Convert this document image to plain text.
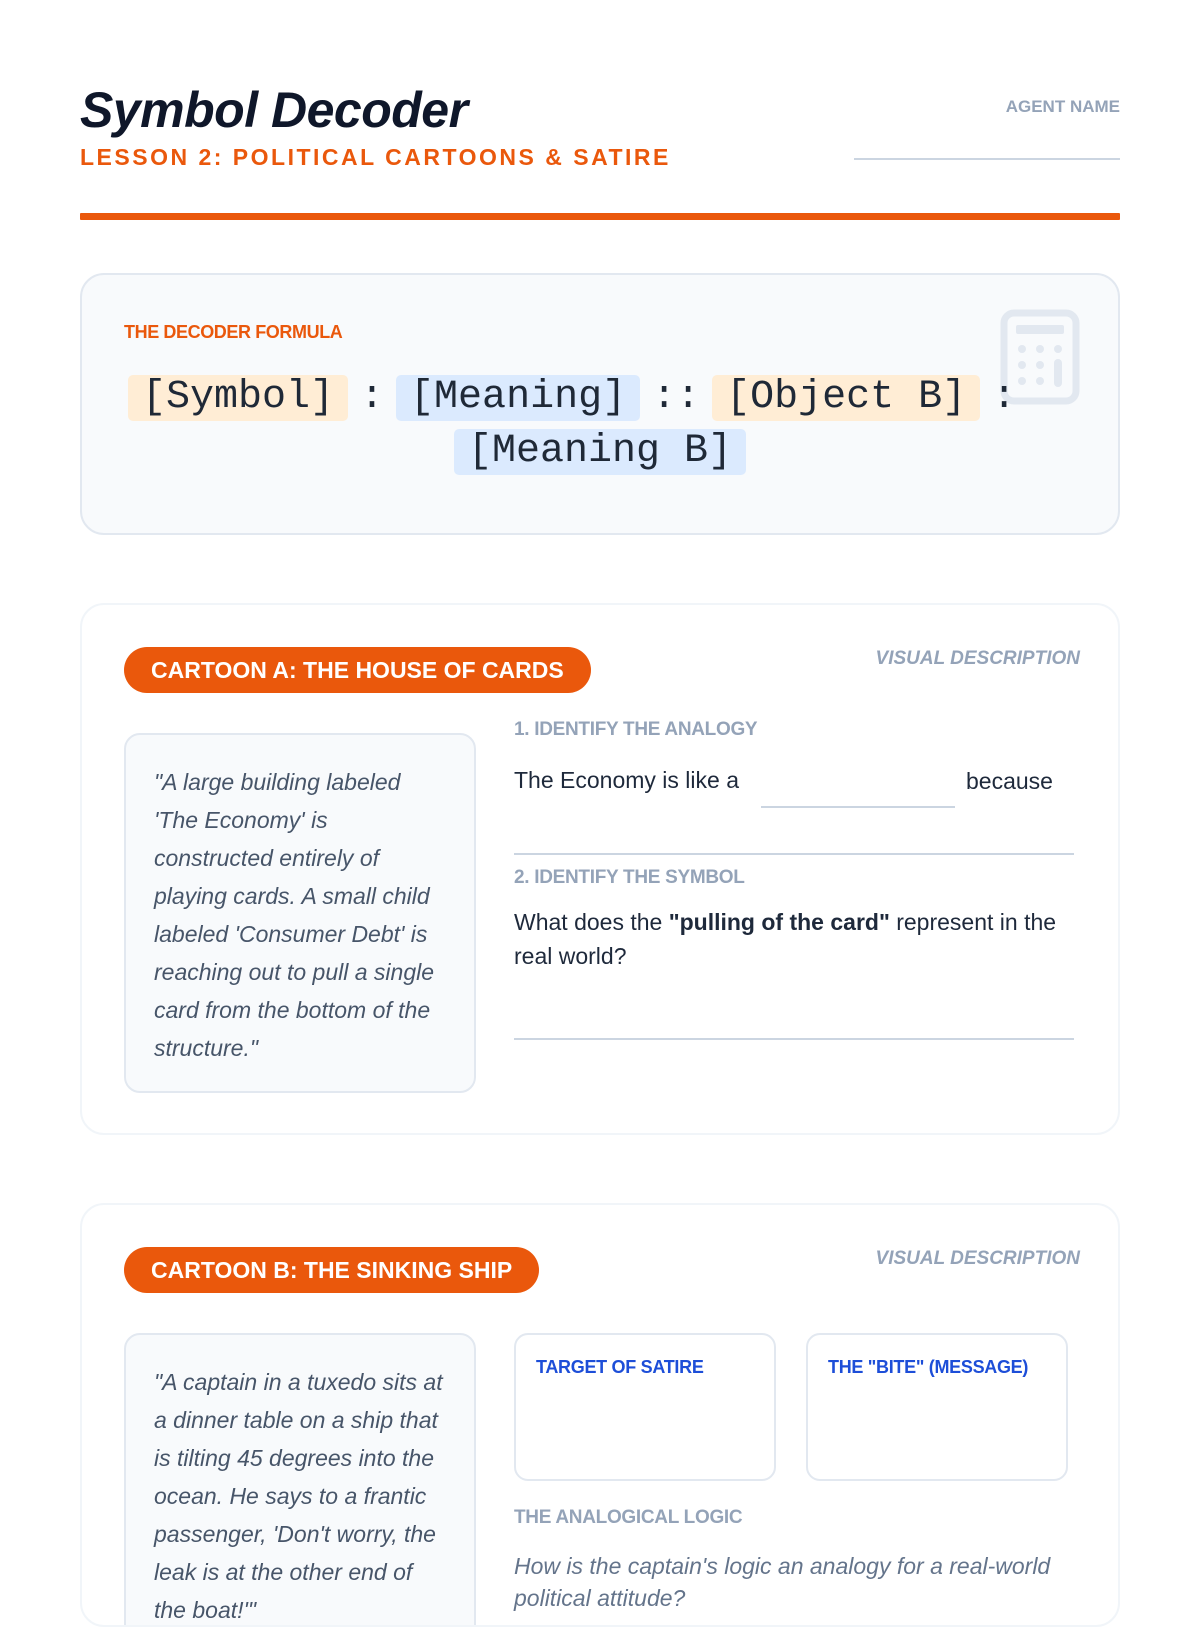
Symbol Decoder
LESSON 2: POLITICAL CARTOONS & SATIRE
AGENT NAME
THE DECODER FORMULA
[Symbol] : [Meaning] :: [Object B] :
[Meaning B]
CARTOON A: THE HOUSE OF CARDS	VISUAL DESCRIPTION
"A large building labeled 'The Economy' is constructed entirely of playing cards. A small child labeled 'Consumer Debt' is reaching out to pull a single card from the bottom of the structure."
1. IDENTIFY THE ANALOGY
The Economy is like a	because
2. IDENTIFY THE SYMBOL
What does the "pulling of the card" represent in the real world?
CARTOON B: THE SINKING SHIP	VISUAL DESCRIPTION
"A captain in a tuxedo sits at a dinner table on a ship that is tilting 45 degrees into the ocean. He says to a frantic passenger, 'Don't worry, the leak is at the other end of the boat!'"
TARGET OF SATIRE	THE "BITE" (MESSAGE)
THE ANALOGICAL LOGIC
How is the captain's logic an analogy for a real-world political attitude?
